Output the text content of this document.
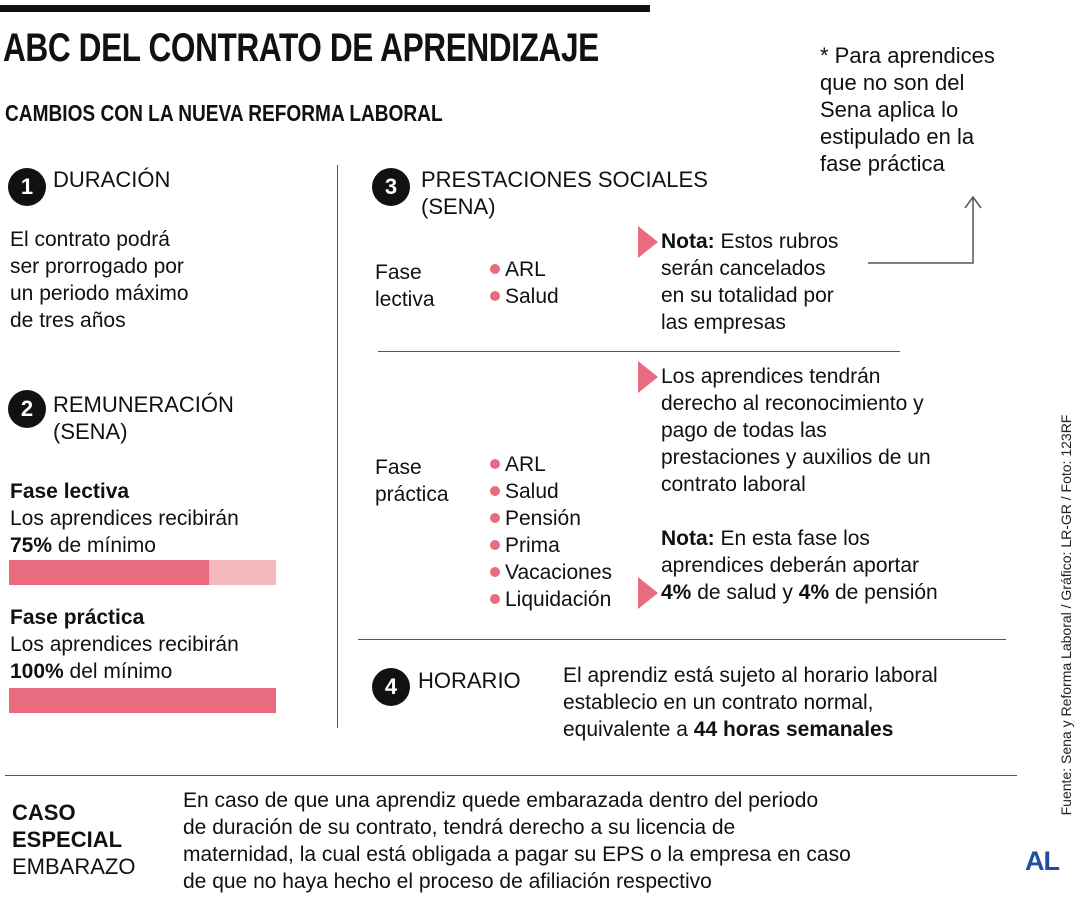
ABC DEL CONTRATO DE APRENDIZAJE
CAMBIOS CON LA NUEVA REFORMA LABORAL
* Para aprendices
que no son del
Sena aplica lo
estipulado en la
fase práctica
1 DURACIÓN
El contrato podrá
ser prorrogado por
un periodo máximo
de tres años
2 REMUNERACIÓN
(SENA)
Fase lectiva
Los aprendices recibirán
75% de mínimo
Fase práctica
Los aprendices recibirán
100% del mínimo
3	PRESTACIONES SOCIALES
(SENA)
Fase
lectiva
ARL
Salud
Nota: Estos rubros
serán cancelados
en su totalidad por
las empresas
Fase
práctica
ARL
Salud
Pensión
Prima
Vacaciones
Liquidación
Los aprendices tendrán
derecho al reconocimiento y
pago de todas las
prestaciones y auxilios de un
contrato laboral
Nota: En esta fase los
aprendices deberán aportar
4% de salud y 4% de pensión
4 HORARIO El aprendiz está sujeto al horario laboral
establecio en un contrato normal,
equivalente a 44 horas semanales
CASO
ESPECIAL
EMBARAZO
En caso de que una aprendiz quede embarazada dentro del periodo
de duración de su contrato, tendrá derecho a su licencia de
maternidad, la cual está obligada a pagar su EPS o la empresa en caso
de que no haya hecho el proceso de afiliación respectivo
Fuente: Sena y Reforma Laboral / Gráfico: LR-GR / Foto: 123RF
AL
